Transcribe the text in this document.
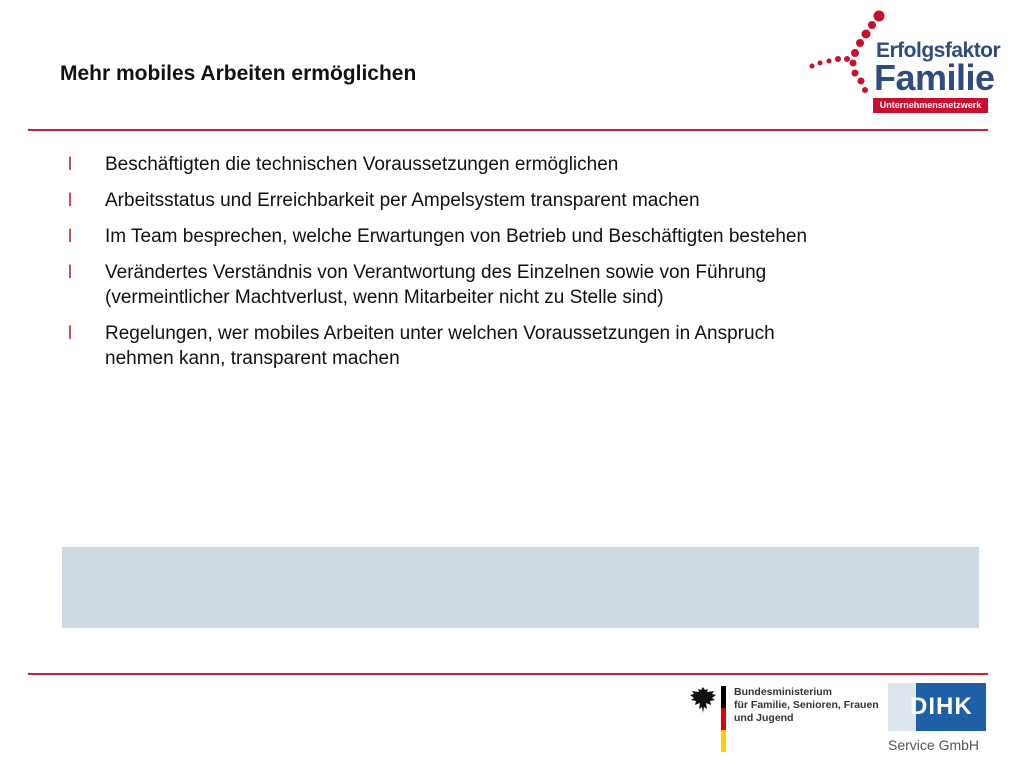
Mehr mobiles Arbeiten ermöglichen
Erfolgsfaktor
Familie
Unternehmensnetzwerk
l Beschäftigten die technischen Voraussetzungen ermöglichen
l Arbeitsstatus und Erreichbarkeit per Ampelsystem transparent machen
l Im Team besprechen, welche Erwartungen von Betrieb und Beschäftigten bestehen
l Verändertes Verständnis von Verantwortung des Einzelnen sowie von Führung
(vermeintlicher Machtverlust, wenn Mitarbeiter nicht zu Stelle sind)
l Regelungen, wer mobiles Arbeiten unter welchen Voraussetzungen in Anspruch
nehmen kann, transparent machen
Bundesministerium
für Familie, Senioren, Frauen
und Jugend	DIHK
Service GmbH
